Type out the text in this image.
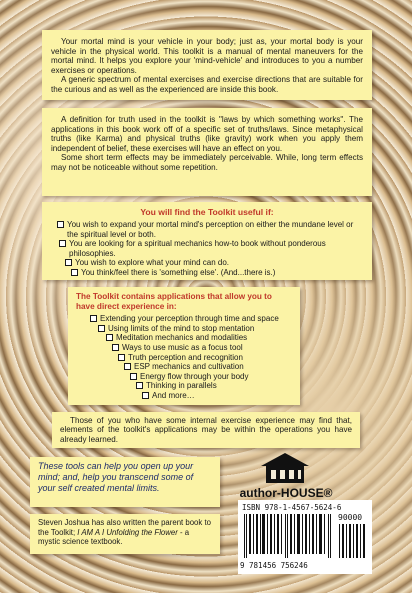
Your mortal mind is your vehicle in your body; just as, your mortal body is your vehicle in the physical world. This toolkit is a manual of mental maneuvers for the mortal mind. It helps you explore your 'mind-vehicle' and introduces to you a number exercises or operations.

A generic spectrum of mental exercises and exercise directions that are suitable for the curious and as well as the experienced are inside this book.

A definition for truth used in the toolkit is "laws by which something works". The applications in this book work off of a specific set of truths/laws. Since metaphysical truths (like Karma) and physical truths (like gravity) work when you apply them independent of belief, these exercises will have an effect on you.

Some short term effects may be immediately perceivable. While, long term effects may not be noticeable without some repetition.

You will find the Toolkit useful if:

You wish to expand your mortal mind's perception on either the mundane level or the spiritual level or both.
You are looking for a spiritual mechanics how-to book without ponderous philosophies.
You wish to explore what your mind can do.
You think/feel there is 'something else'. (And...there is.)

The Toolkit contains applications that allow you to have direct experience in:

Extending your perception through time and space
Using limits of the mind to stop mentation
Meditation mechanics and modalities
Ways to use music as a focus tool
Truth perception and recognition
ESP mechanics and cultivation
Energy flow through your body
Thinking in parallels
And more…

Those of you who have some internal exercise experience may find that, elements of the toolkit's applications may be within the operations you have already learned.

These tools can help you open up your mind; and, help you transcend some of your self created mental limits.

Steven Joshua has also written the parent book to the Toolkit; I AM A I Unfolding the Flower - a mystic science textbook.

author-HOUSE®
ISBN 978-1-4567-5624-6
90000
9 781456 756246
